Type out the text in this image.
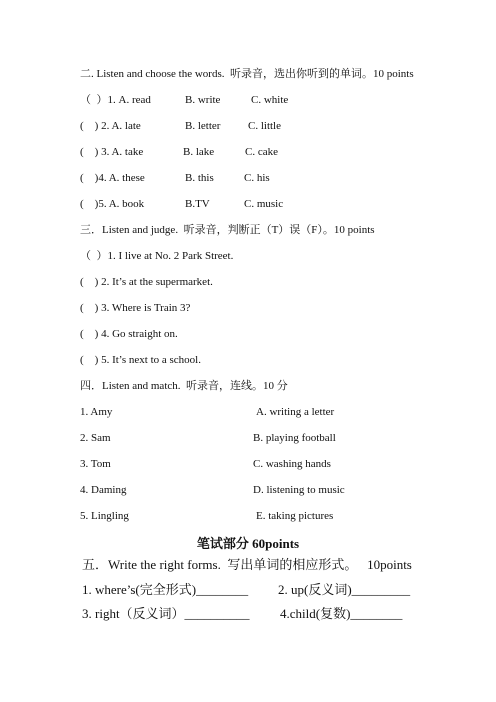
二. Listen and choose the words.  听录音，选出你听到的单词。10 points
（  ）1. A. read	B. write	C. white
(    ) 2. A. late	B. letter	C. little
(    ) 3. A. take	B. lake	C. cake
(    )4. A. these	B. this	C. his
(    )5. A. book	B.TV	C. music
三．Listen and judge.  听录音，判断正（T）误（F）。10 points
（  ）1. I live at No. 2 Park Street.
(    ) 2. It’s at the supermarket.
(    ) 3. Where is Train 3?
(    ) 4. Go straight on.
(    ) 5. It’s next to a school.
四．Listen and match.  听录音，连线。10 分
1. Amy	A. writing a letter
2. Sam	B. playing football
3. Tom	C. washing hands
4. Daming	D. listening to music
5. Lingling	E. taking pictures
笔试部分 60points
五．Write the right forms.  写出单词的相应形式。   10points
1. where’s(完全形式)________ 2. up(反义词)_________
3. right（反义词）__________ 4.child(复数)________
